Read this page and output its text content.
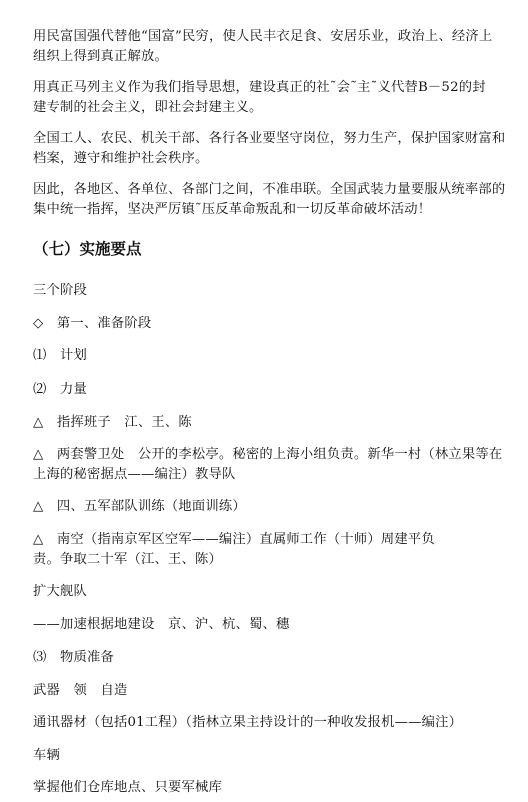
用民富国强代替他“国富”民穷，使人民丰衣足食、安居乐业，政治上、经济上
组织上得到真正解放。
用真正马列主义作为我们指导思想，建设真正的社˜会˜主˜义代替B－52的封
建专制的社会主义，即社会封建主义。
全国工人、农民、机关干部、各行各业要坚守岗位，努力生产，保护国家财富和
档案，遵守和维护社会秩序。
因此，各地区、各单位、各部门之间，不准串联。全国武装力量要服从统率部的
集中统一指挥，坚决严厉镇˜压反革命叛乱和一切反革命破坏活动！
（七）实施要点
三个阶段
◇　第一、准备阶段
⑴　计划
⑵　力量
△　指挥班子　江、王、陈
△　两套警卫处　公开的李松亭。秘密的上海小组负责。新华一村（林立果等在
上海的秘密据点——编注）教导队
△　四、五军部队训练（地面训练）
△　南空（指南京军区空军——编注）直属师工作（十师）周建平负
责。争取二十军（江、王、陈）
扩大舰队
——加速根据地建设　京、沪、杭、蜀、穗
⑶　物质准备
武器　领　自造
通讯器材（包括01工程）（指林立果主持设计的一种收发报机——编注）
车辆
掌握他们仓库地点、只要军械库
